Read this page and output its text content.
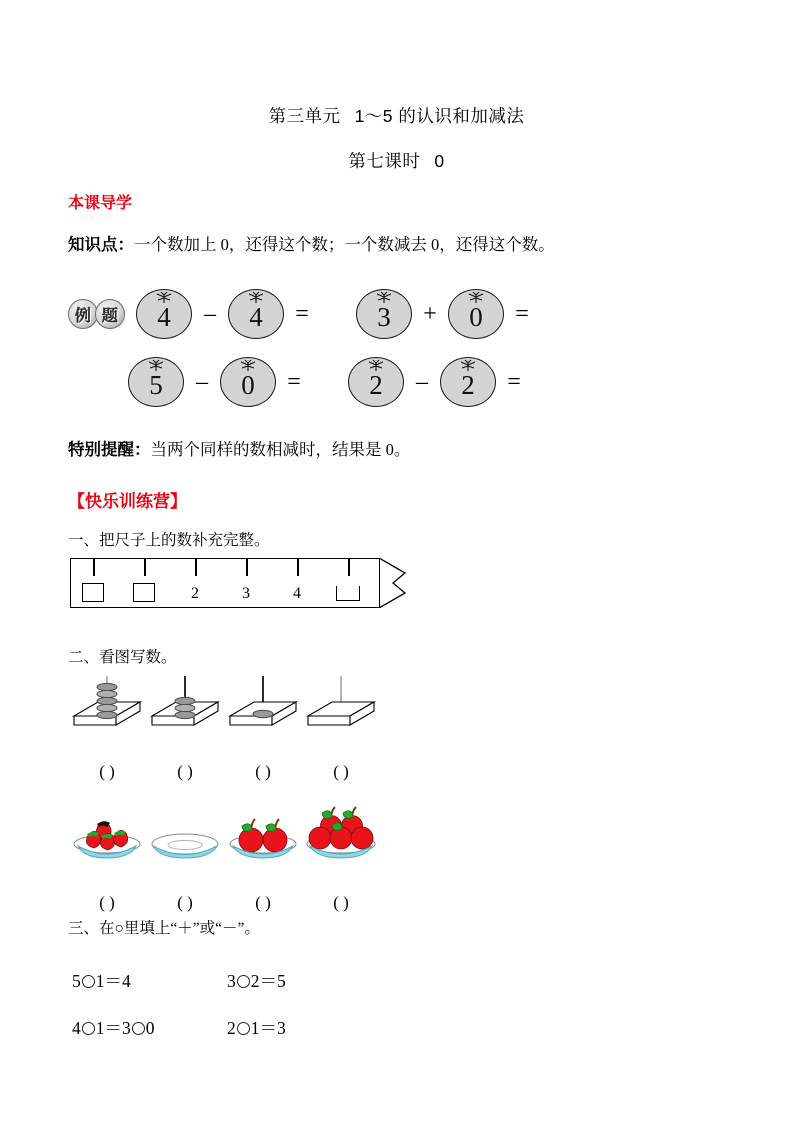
第三单元 1～5 的认识和加减法
第七课时 0
本课导学
知识点：一个数加上 0，还得这个数；一个数减去 0，还得这个数。
例 题 4	–	4	=	3	+	0	=
5	–	0	=	2	–	2	=
特别提醒：当两个同样的数相减时，结果是 0。
【快乐训练营】
一、把尺子上的数补充完整。
2	3	4
二、看图写数。
( )	( )	( )	( )
( )	( )	( )	( )
三、在○里填上“＋”或“－”。
5 1＝4	3 2＝5
4 1＝3 0	2 1＝3
